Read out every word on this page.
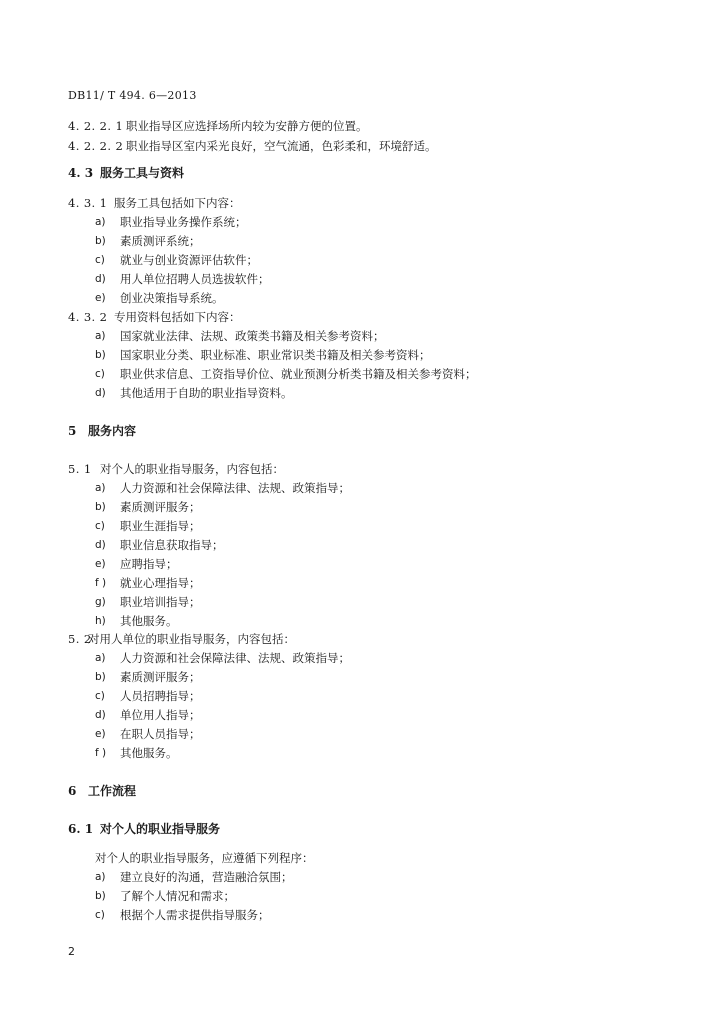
DB11/ T 494. 6—2013
4. 2. 2. 1 职业指导区应选择场所内较为安静方便的位置。
4. 2. 2. 2 职业指导区室内采光良好，空气流通，色彩柔和，环境舒适。
4. 3 服务工具与资料
4. 3. 1 服务工具包括如下内容：
a) 职业指导业务操作系统；
b) 素质测评系统；
c) 就业与创业资源评估软件；
d) 用人单位招聘人员选拔软件；
e) 创业决策指导系统。
4. 3. 2 专用资料包括如下内容：
a) 国家就业法律、法规、政策类书籍及相关参考资料；
b) 国家职业分类、职业标准、职业常识类书籍及相关参考资料；
c) 职业供求信息、工资指导价位、就业预测分析类书籍及相关参考资料；
d) 其他适用于自助的职业指导资料。
5 服务内容
5. 1 对个人的职业指导服务，内容包括：
a) 人力资源和社会保障法律、法规、政策指导；
b) 素质测评服务；
c) 职业生涯指导；
d) 职业信息获取指导；
e) 应聘指导；
f ) 就业心理指导；
g) 职业培训指导；
h) 其他服务。
5. 2对用人单位的职业指导服务，内容包括：
a) 人力资源和社会保障法律、法规、政策指导；
b) 素质测评服务；
c) 人员招聘指导；
d) 单位用人指导；
e) 在职人员指导；
f ) 其他服务。
6 工作流程
6. 1 对个人的职业指导服务
对个人的职业指导服务，应遵循下列程序：
a) 建立良好的沟通，营造融洽氛围；
b) 了解个人情况和需求；
c) 根据个人需求提供指导服务；
2
